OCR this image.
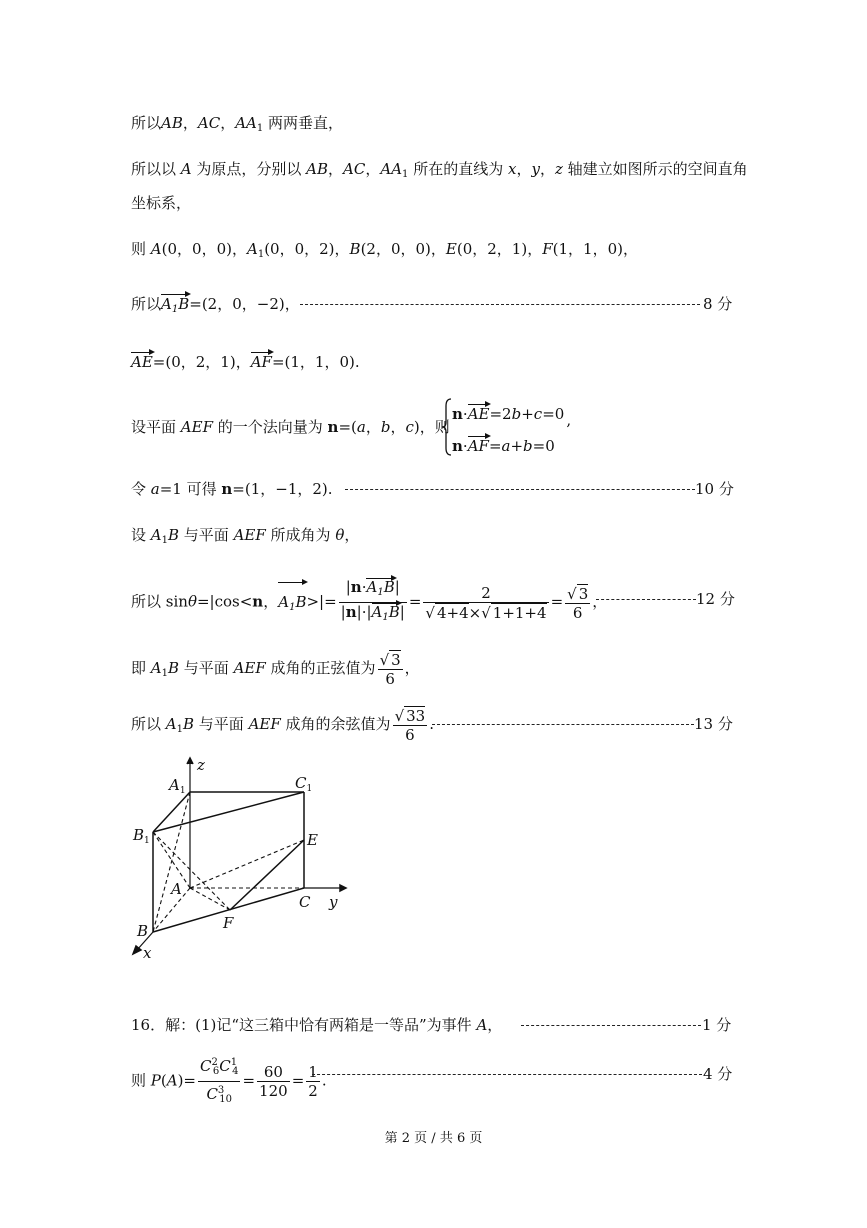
所以AB，AC，$AA_1$ 两两垂直，
所以以 A 为原点，分别以 AB，AC，$AA_1$ 所在的直线为 x，y，z 轴建立如图所示的空间直角
坐标系，
则 A(0，0，0)，$A_1(0$，0，2)，B(2，0，0)，E(0，2，1)，F(1，1，0)，
所以$A_1B=(2$，0，−2)，	8 分
AE=(0，2，1)，AF=(1，1，0).
设平面 AEF 的一个法向量为 n=(a，b，c)，则
n·AE=2b+c=0 ,
n·AF=a+b=0
令 a=1 可得 n=(1，−1，2).	10 分
设 $A_1B$ 与平面 AEF 所成角为 θ，
所以 sinθ=|cos<n，$A_1B>|= \frac{|n\cdot A_1B|}{|n|\cdot|A_1B|} = \frac{2}{√ 4+4\times√ 1+1+4} = \frac{√ 3}{6}$ ，	12 分
即 $A_1B$ 与平面 AEF 成角的正弦值为 $\frac{√ 3}{6}$ ，
所以 $A_1B$ 与平面 AEF 成角的余弦值为 $\frac{√ 33}{6}$ .	13 分
$A_1$	$C_1$
$B_1$	E
A
F
C y
B
x
z
16．解：(1)记“这三箱中恰有两箱是一等品”为事件 A，	1 分
则 $P(A)= \frac{C^2_6C^1_4}{C^3_{10}} = \frac{60}{120} = \frac{1}{2}$ .	4 分
第 2 页 / 共 6 页
